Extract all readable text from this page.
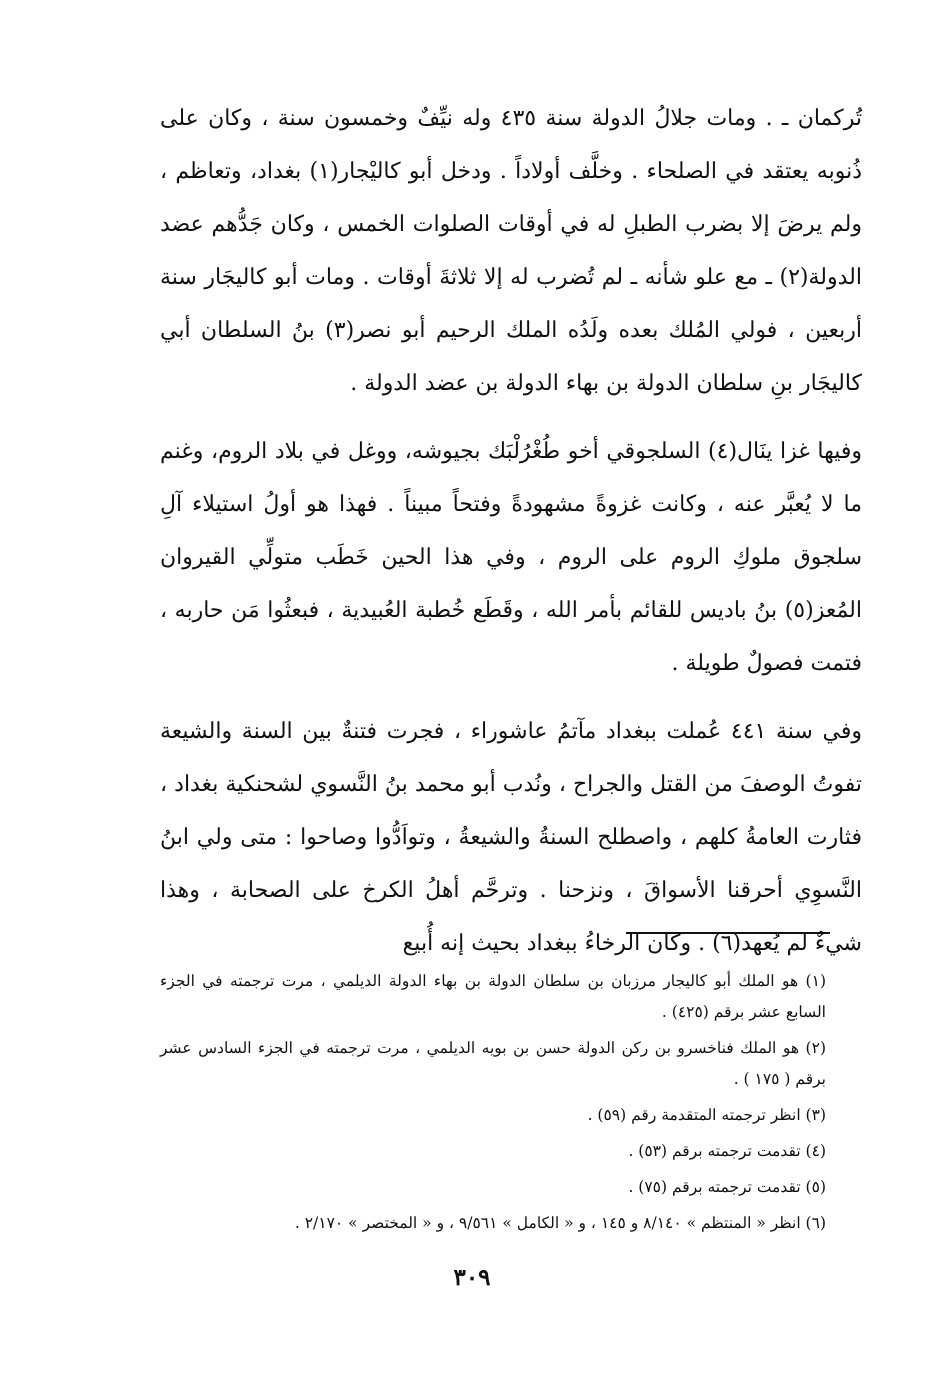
تُركمان ـ . ومات جلالُ الدولة سنة ٤٣٥ وله نيِّفٌ وخمسون سنة ، وكان على ذُنوبه يعتقد في الصلحاء . وخلَّف أولاداً . ودخل أبو كاليْجار(١) بغداد، وتعاظم ، ولم يرضَ إلا بضرب الطبلِ له في أوقات الصلوات الخمس ، وكان جَدُّهم عضد الدولة(٢) ـ مع علو شأنه ـ لم تُضرب له إلا ثلاثةَ أوقات . ومات أبو كاليجَار سنة أربعين ، فولي المُلك بعده ولَدُه الملك الرحيم أبو نصر(٣) بنُ السلطان أبي كاليجَار بنِ سلطان الدولة بن بهاء الدولة بن عضد الدولة .

وفيها غزا ينَال(٤) السلجوقي أخو طُغْرُلْبَك بجيوشه، ووغل في بلاد الروم، وغنم ما لا يُعبَّر عنه ، وكانت غزوةً مشهودةً وفتحاً مبيناً . فهذا هو أولُ استيلاء آلِ سلجوق ملوكِ الروم على الروم ، وفي هذا الحين خَطَب متولِّي القيروان المُعز(٥) بنُ باديس للقائم بأمر الله ، وقَطَع خُطبة العُبيدية ، فبعثُوا مَن حاربه ، فتمت فصولٌ طويلة .

وفي سنة ٤٤١ عُملت ببغداد مآتمُ عاشوراء ، فجرت فتنةٌ بين السنة والشيعة تفوتُ الوصفَ من القتل والجراح ، ونُدب أبو محمد بنُ النَّسوي لشحنكية بغداد ، فثارت العامةُ كلهم ، واصطلح السنةُ والشيعةُ ، وتواَدُّوا وصاحوا : متى ولي ابنُ النَّسوِي أحرقنا الأسواقَ ، ونزحنا . وترحَّم أهلُ الكرخ على الصحابة ، وهذا شيءٌ لم يُعهد(٦) . وكان الرخاءُ ببغداد بحيث إنه أُبيع

(١) هو الملك أبو كاليجار مرزبان بن سلطان الدولة بن بهاء الدولة الديلمي ، مرت ترجمته في الجزء السابع عشر برقم (٤٢٥) .

(٢) هو الملك فناخسرو بن ركن الدولة حسن بن بويه الديلمي ، مرت ترجمته في الجزء السادس عشر برقم ( ١٧٥ ) .

(٣) انظر ترجمته المتقدمة رقم (٥٩) .

(٤) تقدمت ترجمته برقم (٥٣) .

(٥) تقدمت ترجمته برقم (٧٥) .

(٦) انظر « المنتظم » ٨/١٤٠ و ١٤٥ ، و « الكامل » ٩/٥٦١ ، و « المختصر » ٢/١٧٠ .

٣٠٩
